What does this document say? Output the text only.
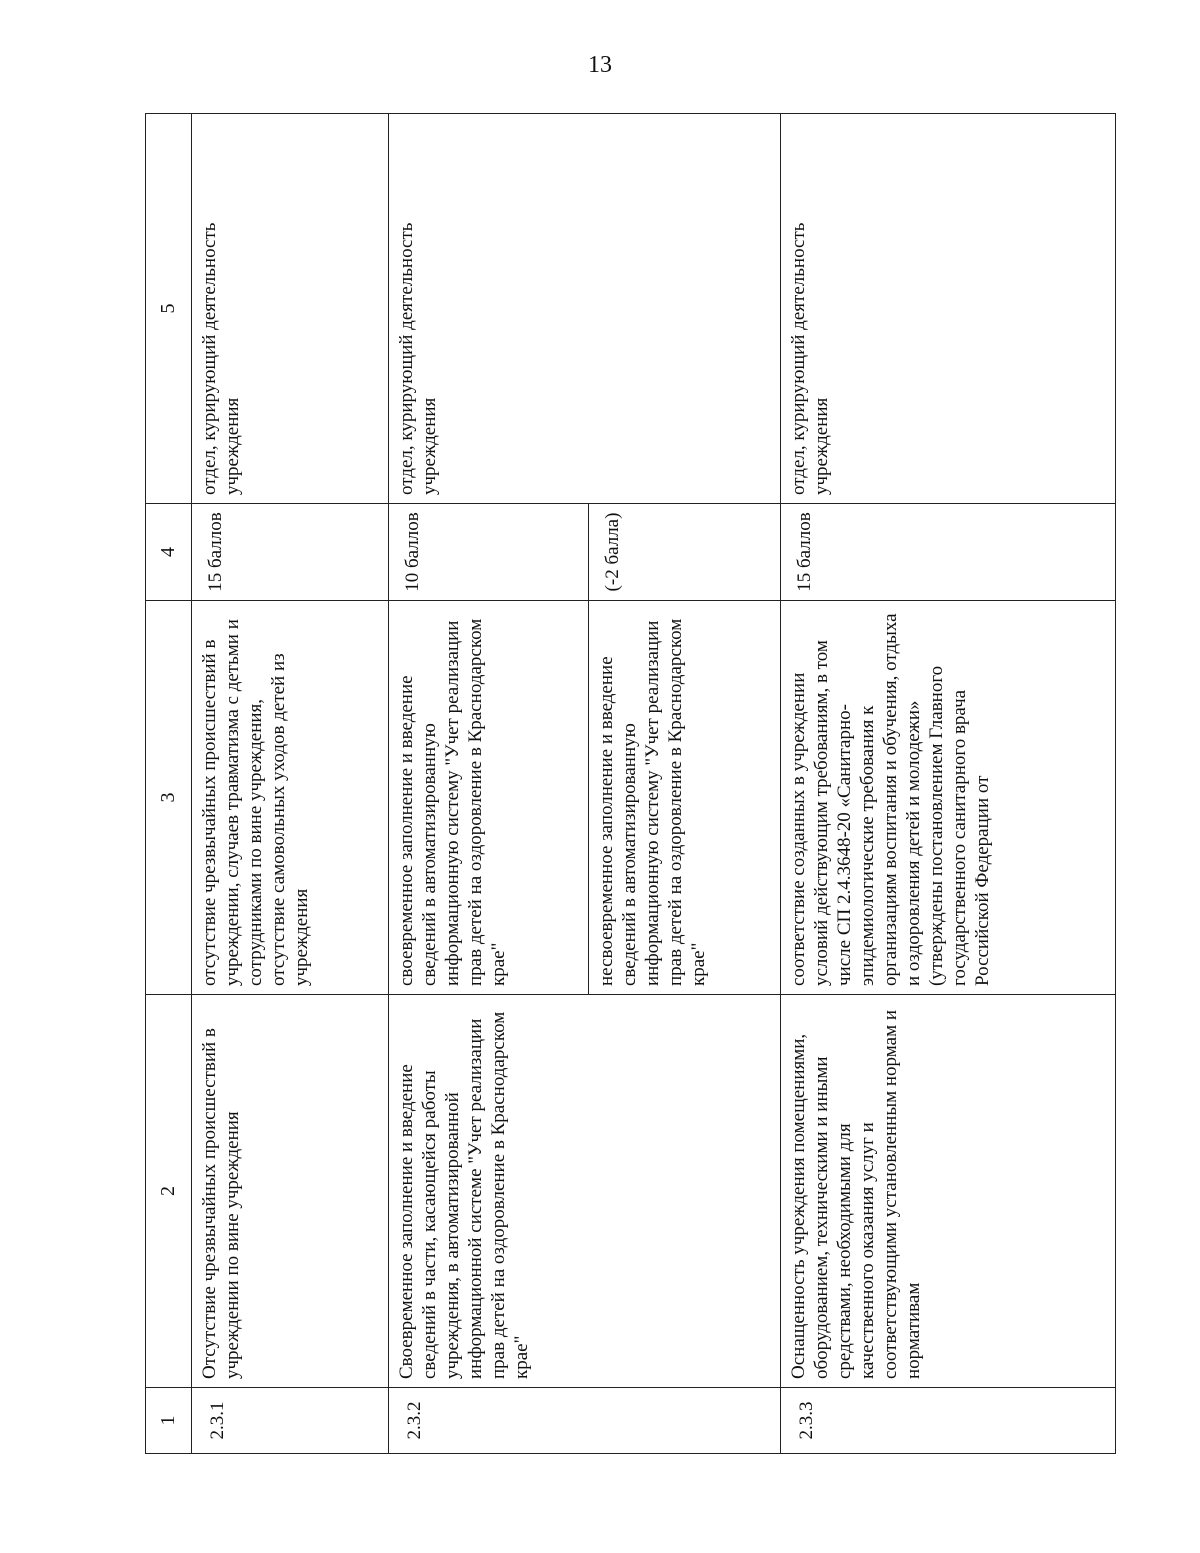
13
1	2	3	4	5
2.3.1	Отсутствие чрезвычайных происшествий в учреждении по вине учреждения	отсутствие чрезвычайных происшествий в учреждении, случаев травматизма с детьми и сотрудниками по вине учреждения, отсутствие самовольных уходов детей из учреждения	15 баллов	отдел, курирующий деятельность учреждения
2.3.2	Своевременное заполнение и введение сведений в части, касающейся работы учреждения, в автоматизированной информационной системе "Учет реализации прав детей на оздоровление в Краснодарском крае"	своевременное заполнение и введение сведений в автоматизированную информационную систему "Учет реализации прав детей на оздоровление в Краснодарском крае"	10 баллов	отдел, курирующий деятельность учреждения
		несвоевременное заполнение и введение сведений в автоматизированную информационную систему "Учет реализации прав детей на оздоровление в Краснодарском крае"	(-2 балла)	
2.3.3	Оснащенность учреждения помещениями, оборудованием, техническими и иными средствами, необходимыми для качественного оказания услуг и соответствующими установленным нормам и нормативам	соответствие созданных в учреждении условий действующим требованиям, в том числе СП 2.4.3648-20 «Санитарно-эпидемиологические требования к организациям воспитания и обучения, отдыха и оздоровления детей и молодежи» (утверждены постановлением Главного государственного санитарного врача Российской Федерации от	15 баллов	отдел, курирующий деятельность учреждения
